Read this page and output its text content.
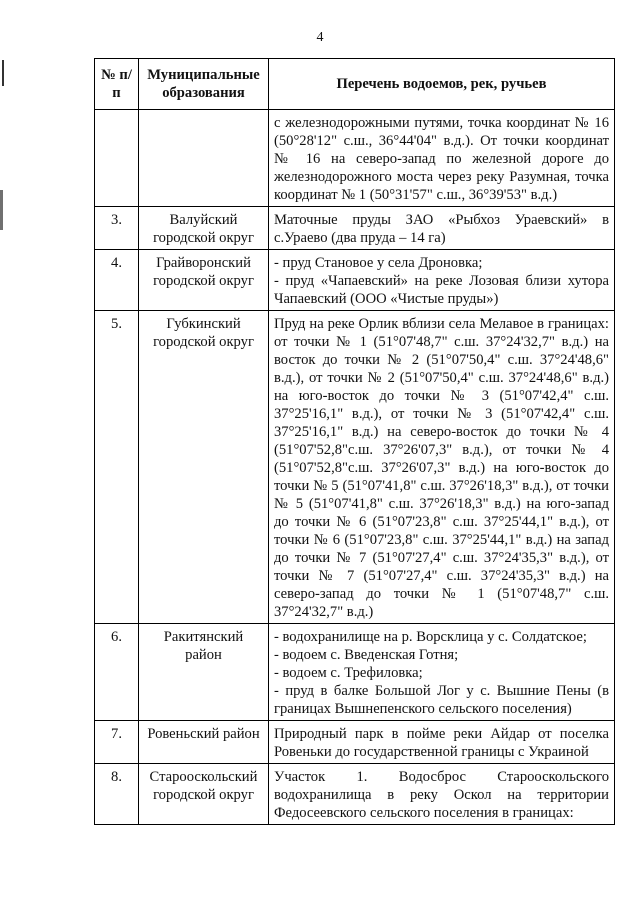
4
№ п/п	Муниципальные образования	Перечень водоемов, рек, ручьев
		с железнодорожными путями, точка координат № 16 (50°28'12" с.ш., 36°44'04" в.д.). От точки координат № 16 на северо-запад по железной дороге до железнодорожного моста через реку Разумная, точка координат № 1 (50°31'57" с.ш., 36°39'53" в.д.)
3.	Валуйский городской округ	Маточные пруды ЗАО «Рыбхоз Ураевский» в с.Ураево (два пруда – 14 га)

4.	Грайворонский городской округ	- пруд Становое у села Дроновка;
- пруд «Чапаевский» на реке Лозовая близи хутора Чапаевский (ООО «Чистые пруды»)

5.	Губкинский городской округ	Пруд на реке Орлик вблизи села Мелавое в границах: от точки № 1 (51°07'48,7" с.ш. 37°24'32,7" в.д.) на восток до точки № 2 (51°07'50,4" с.ш. 37°24'48,6" в.д.), от точки № 2 (51°07'50,4" с.ш. 37°24'48,6" в.д.) на юго-восток до точки № 3 (51°07'42,4" с.ш. 37°25'16,1" в.д.), от точки № 3 (51°07'42,4" с.ш. 37°25'16,1" в.д.) на северо-восток до точки № 4 (51°07'52,8"с.ш. 37°26'07,3" в.д.), от точки № 4 (51°07'52,8"с.ш. 37°26'07,3" в.д.) на юго-восток до точки № 5 (51°07'41,8" с.ш. 37°26'18,3" в.д.), от точки № 5 (51°07'41,8" с.ш. 37°26'18,3" в.д.) на юго-запад до точки № 6 (51°07'23,8" с.ш. 37°25'44,1" в.д.), от точки № 6 (51°07'23,8" с.ш. 37°25'44,1" в.д.) на запад до точки № 7 (51°07'27,4" с.ш. 37°24'35,3" в.д.), от точки № 7 (51°07'27,4" с.ш. 37°24'35,3" в.д.) на северо-запад до точки № 1 (51°07'48,7" с.ш. 37°24'32,7" в.д.)

6.	Ракитянский район	- водохранилище на р. Ворсклица у с. Солдатское;
- водоем с. Введенская Готня;
- водоем с. Трефиловка;
- пруд в балке Большой Лог у с. Вышние Пены (в границах Вышнепенского сельского поселения)

7.	Ровеньский район	Природный парк в пойме реки Айдар от поселка Ровеньки до государственной границы с Украиной

8.	Старооскольский городской округ	Участок 1. Водосброс Старооскольского водохранилища в реку Оскол на территории Федосеевского сельского поселения в границах:
